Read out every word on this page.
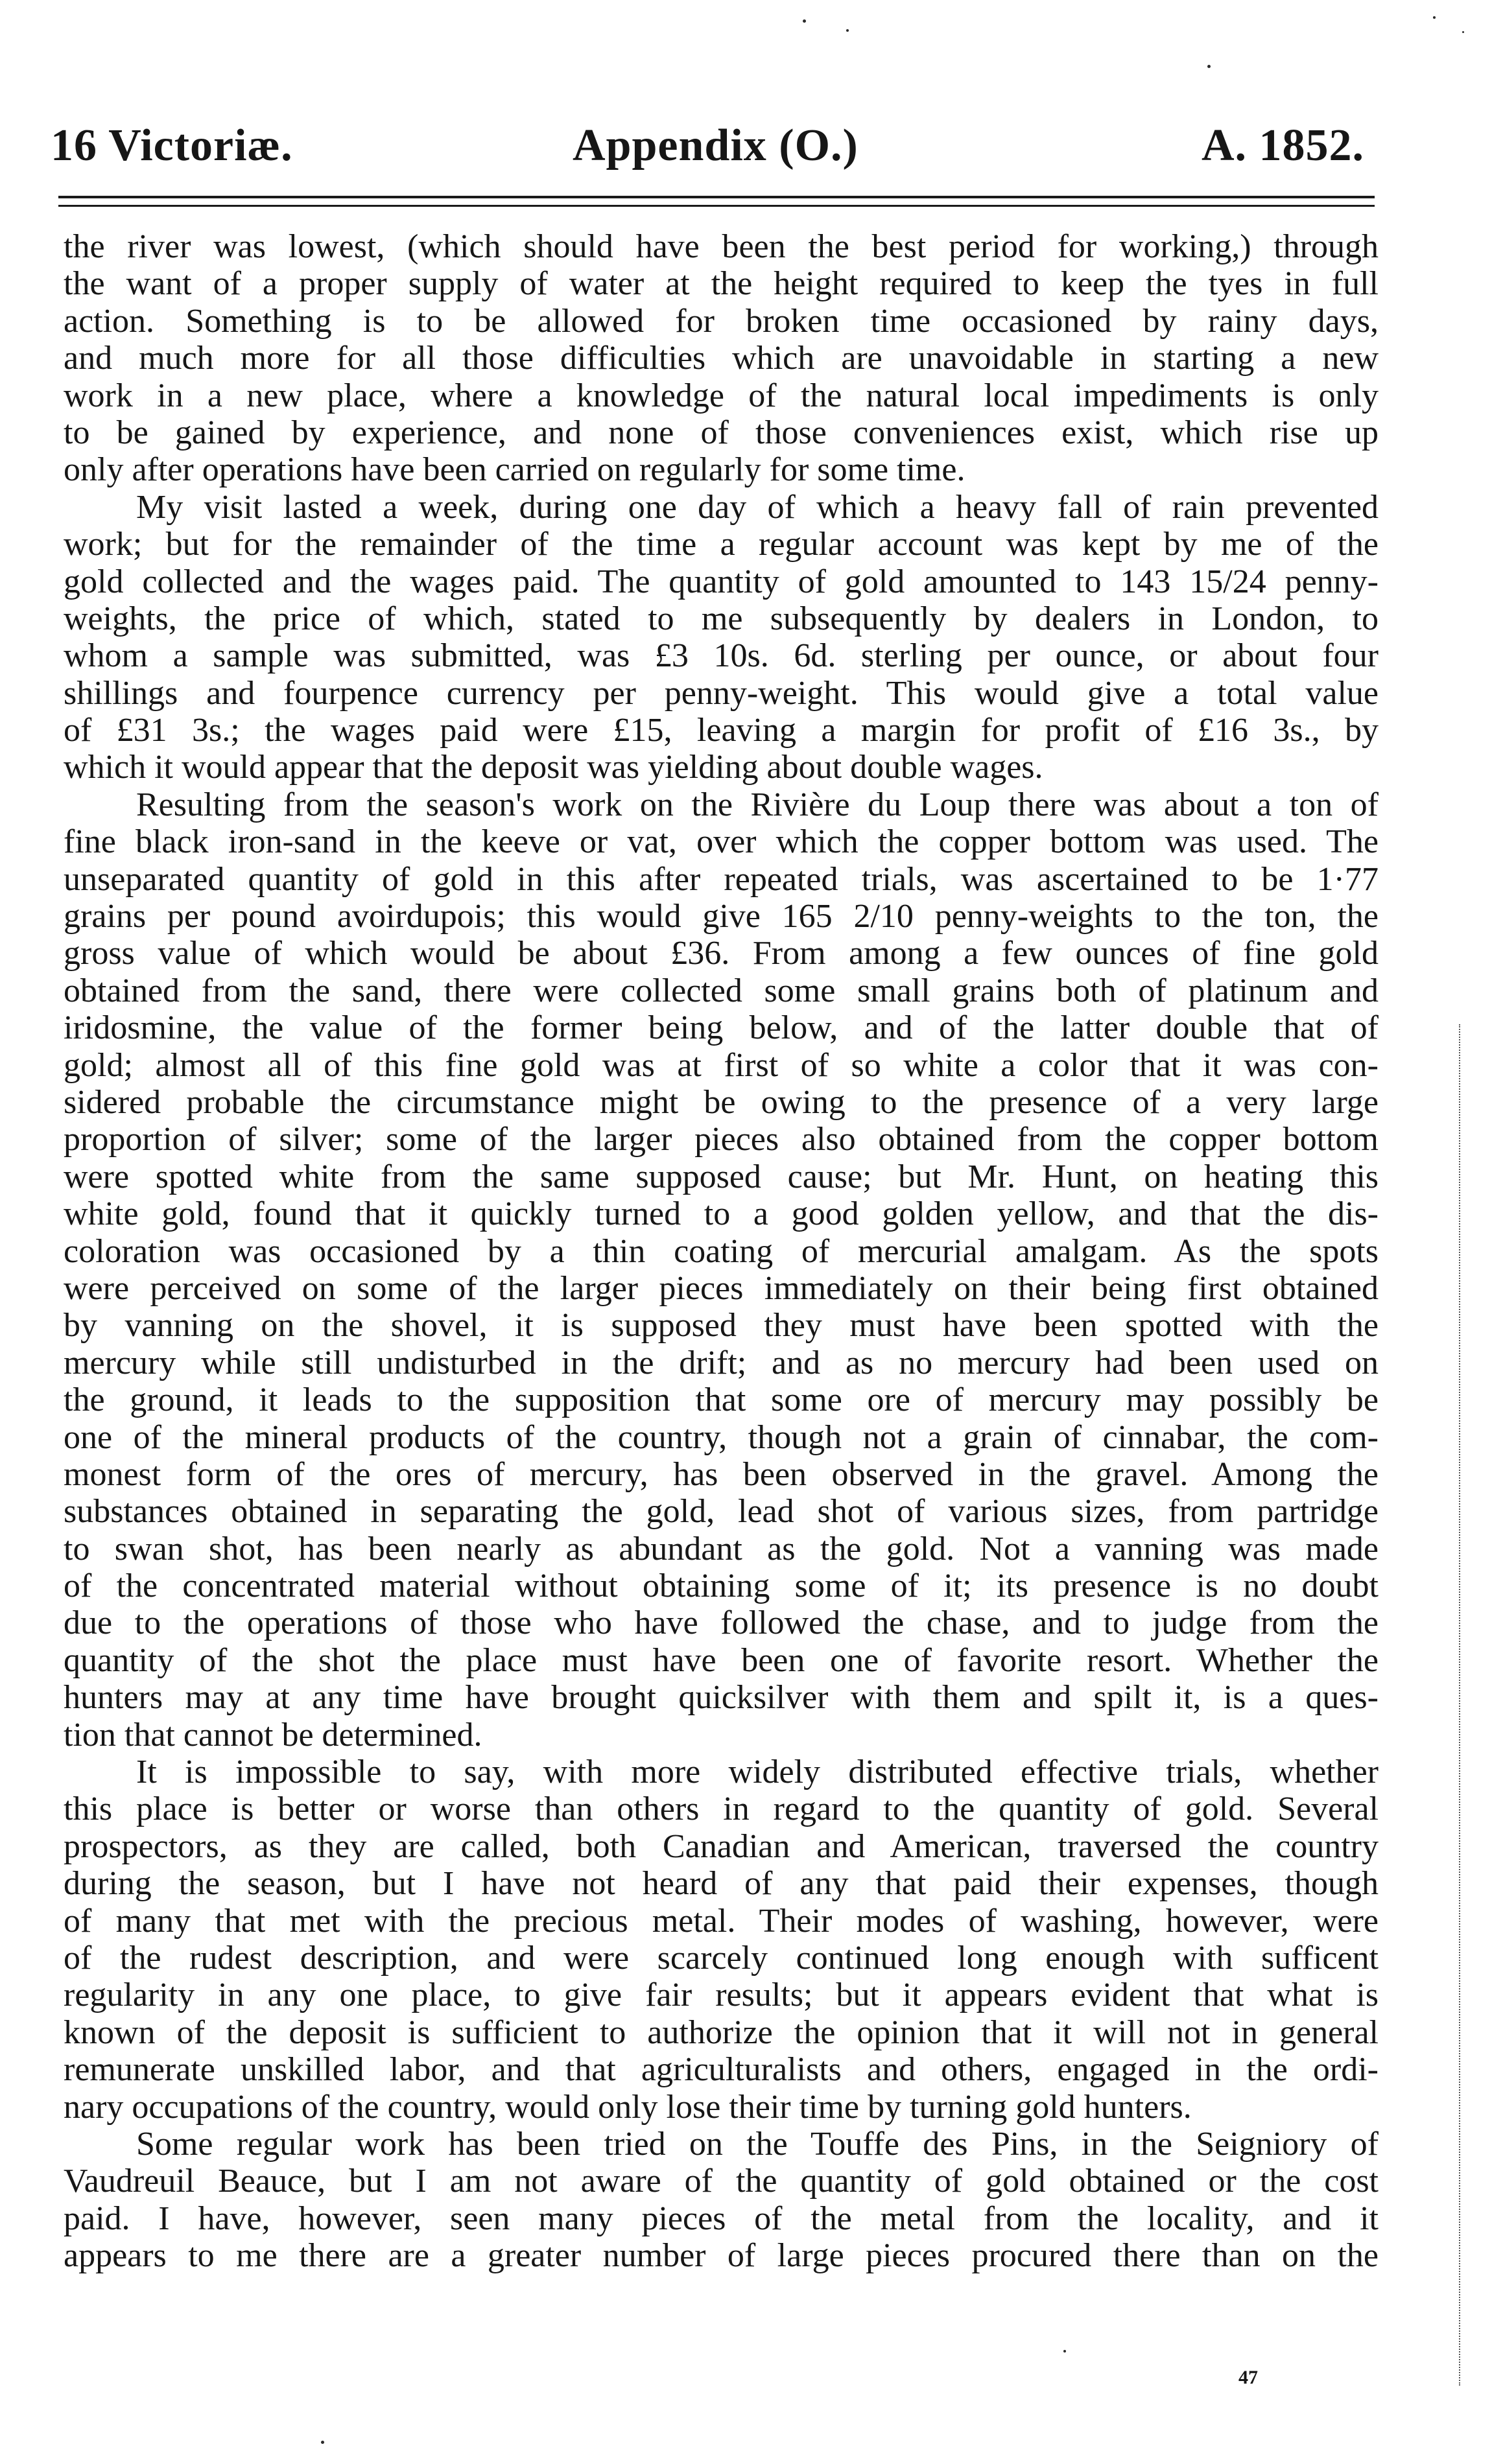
16 Victoriæ.	Appendix (O.)	A. 1852.
the river was lowest, (which should have been the best period for working,) through
the want of a proper supply of water at the height required to keep the tyes in full
action. Something is to be allowed for broken time occasioned by rainy days,
and much more for all those difficulties which are unavoidable in starting a new
work in a new place, where a knowledge of the natural local impediments is only
to be gained by experience, and none of those conveniences exist, which rise up
only after operations have been carried on regularly for some time.
My visit lasted a week, during one day of which a heavy fall of rain prevented
work; but for the remainder of the time a regular account was kept by me of the
gold collected and the wages paid. The quantity of gold amounted to 143 15/24 penny-
weights, the price of which, stated to me subsequently by dealers in London, to
whom a sample was submitted, was £3 10s. 6d. sterling per ounce, or about four
shillings and fourpence currency per penny-weight. This would give a total value
of £31 3s.; the wages paid were £15, leaving a margin for profit of £16 3s., by
which it would appear that the deposit was yielding about double wages.
Resulting from the season's work on the Rivière du Loup there was about a ton of
fine black iron-sand in the keeve or vat, over which the copper bottom was used. The
unseparated quantity of gold in this after repeated trials, was ascertained to be 1·77
grains per pound avoirdupois; this would give 165 2/10 penny-weights to the ton, the
gross value of which would be about £36. From among a few ounces of fine gold
obtained from the sand, there were collected some small grains both of platinum and
iridosmine, the value of the former being below, and of the latter double that of
gold; almost all of this fine gold was at first of so white a color that it was con-
sidered probable the circumstance might be owing to the presence of a very large
proportion of silver; some of the larger pieces also obtained from the copper bottom
were spotted white from the same supposed cause; but Mr. Hunt, on heating this
white gold, found that it quickly turned to a good golden yellow, and that the dis-
coloration was occasioned by a thin coating of mercurial amalgam. As the spots
were perceived on some of the larger pieces immediately on their being first obtained
by vanning on the shovel, it is supposed they must have been spotted with the
mercury while still undisturbed in the drift; and as no mercury had been used on
the ground, it leads to the supposition that some ore of mercury may possibly be
one of the mineral products of the country, though not a grain of cinnabar, the com-
monest form of the ores of mercury, has been observed in the gravel. Among the
substances obtained in separating the gold, lead shot of various sizes, from partridge
to swan shot, has been nearly as abundant as the gold. Not a vanning was made
of the concentrated material without obtaining some of it; its presence is no doubt
due to the operations of those who have followed the chase, and to judge from the
quantity of the shot the place must have been one of favorite resort. Whether the
hunters may at any time have brought quicksilver with them and spilt it, is a ques-
tion that cannot be determined.
It is impossible to say, with more widely distributed effective trials, whether
this place is better or worse than others in regard to the quantity of gold. Several
prospectors, as they are called, both Canadian and American, traversed the country
during the season, but I have not heard of any that paid their expenses, though
of many that met with the precious metal. Their modes of washing, however, were
of the rudest description, and were scarcely continued long enough with sufficent
regularity in any one place, to give fair results; but it appears evident that what is
known of the deposit is sufficient to authorize the opinion that it will not in general
remunerate unskilled labor, and that agriculturalists and others, engaged in the ordi-
nary occupations of the country, would only lose their time by turning gold hunters.
Some regular work has been tried on the Touffe des Pins, in the Seigniory of
Vaudreuil Beauce, but I am not aware of the quantity of gold obtained or the cost
paid. I have, however, seen many pieces of the metal from the locality, and it
appears to me there are a greater number of large pieces procured there than on the
47
